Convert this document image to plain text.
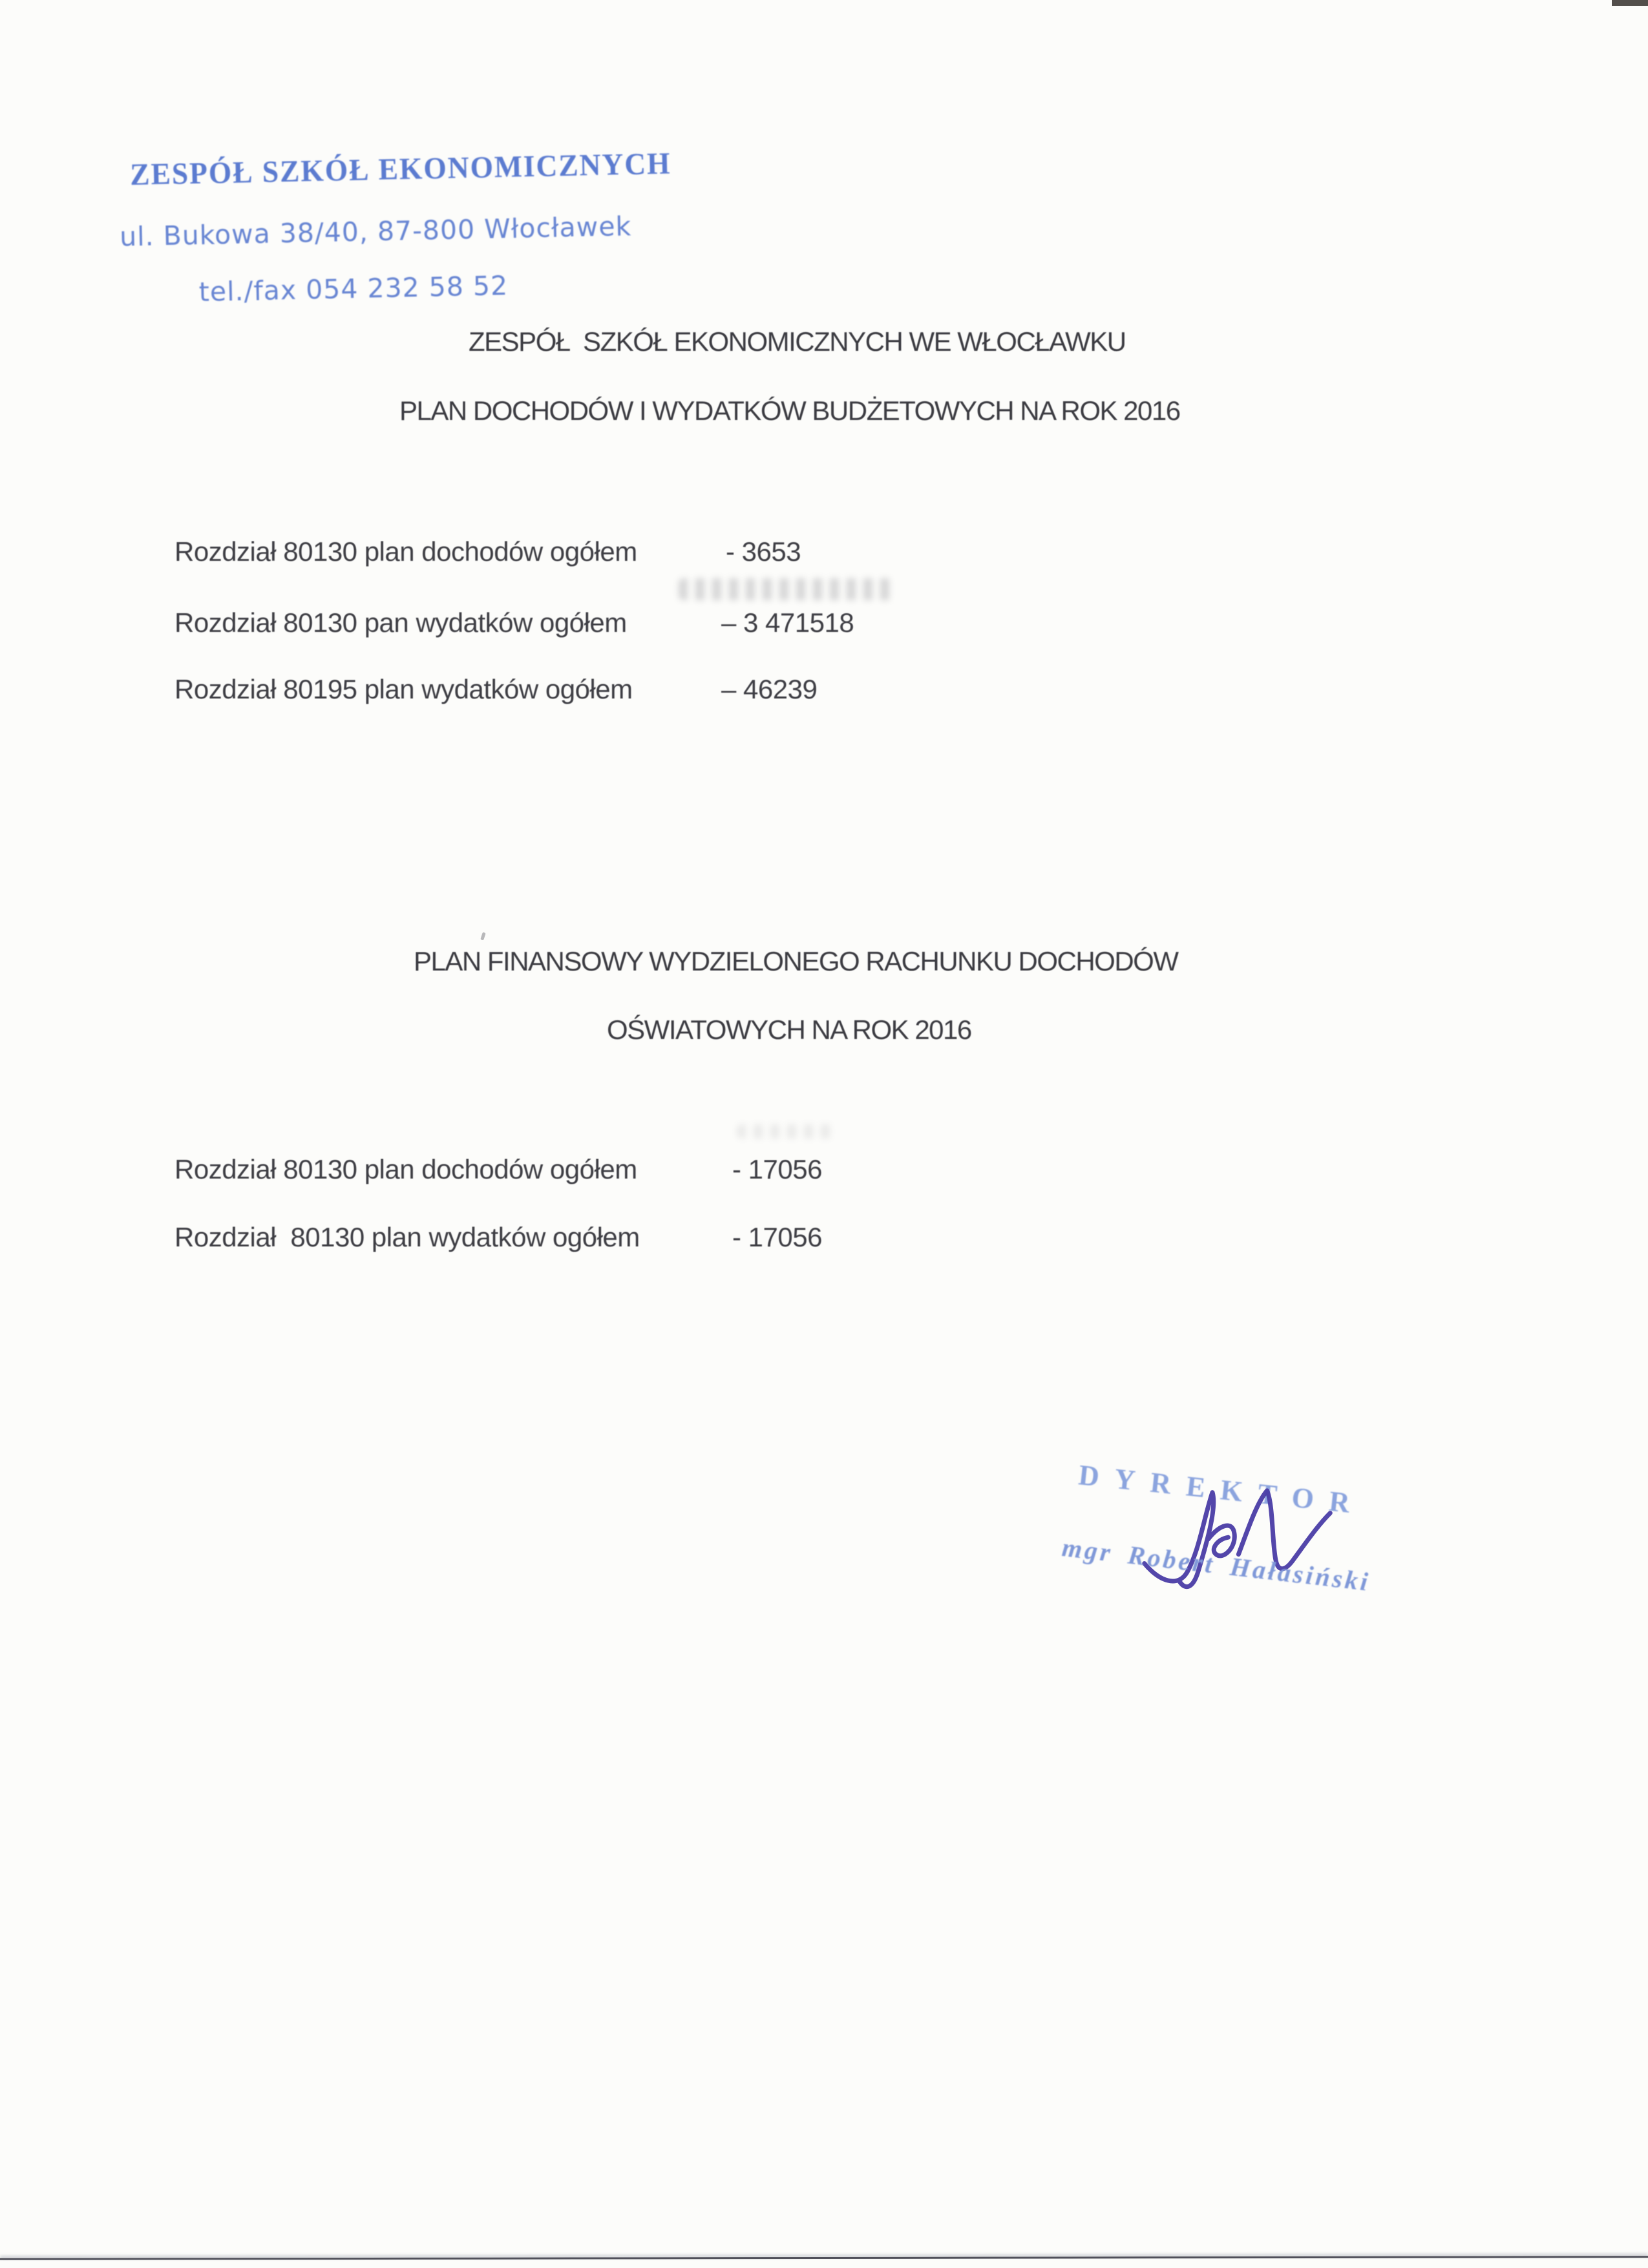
ZESPÓŁ SZKÓŁ EKONOMICZNYCH

ul. Bukowa 38/40, 87-800 Włocławek

tel./fax 054 232 58 52

ZESPÓŁ  SZKÓŁ EKONOMICZNYCH WE WŁOCŁAWKU
PLAN DOCHODÓW I WYDATKÓW BUDŻETOWYCH NA ROK 2016
Rozdział 80130 plan dochodów ogółem	- 3653
Rozdział 80130 pan wydatków ogółem	– 3 471518
Rozdział 80195 plan wydatków ogółem	– 46239
PLAN FINANSOWY WYDZIELONEGO RACHUNKU DOCHODÓW
OŚWIATOWYCH NA ROK 2016
Rozdział 80130 plan dochodów ogółem	- 17056
Rozdział  80130 plan wydatków ogółem	- 17056
DYREKTOR
mgr Robert Hałasiński
